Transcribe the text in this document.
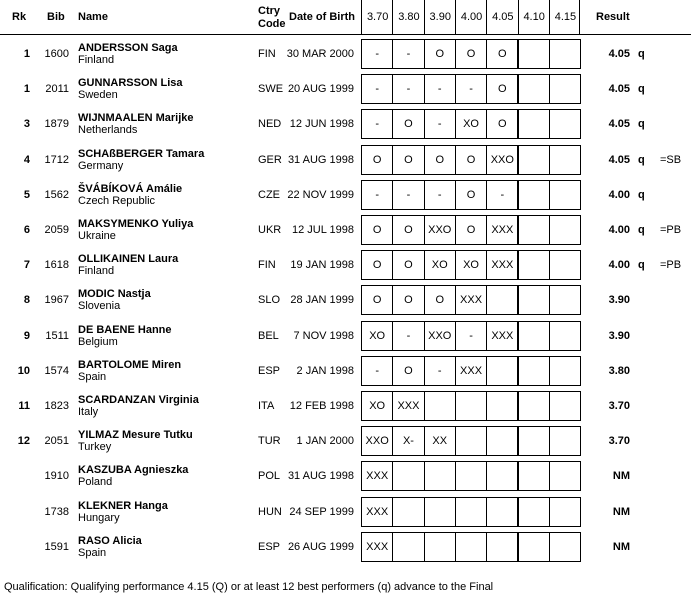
Rk Bib Name	Ctry
Code
Date of Birth	3.70 3.80 3.90 4.00 4.05 4.10 4.15	Result
1	1600 ANDERSSON Saga
Finland	FIN 30 MAR 2000	-	-	O	O	O	4.05 q
1	2011 GUNNARSSON Lisa
Sweden	SWE 20 AUG 1999	-	-	-	-	O	4.05 q
3	1879 WIJNMAALEN Marijke
Netherlands	NED 12 JUN 1998	-	O	-	XO	O	4.05 q
4	1712 SCHAßBERGER Tamara
Germany	GER 31 AUG 1998	O	O	O	O	XXO	4.05 q =SB
5	1562 ŠVÁBÍKOVÁ Amálie
Czech Republic	CZE 22 NOV 1999	-	-	-	O	-	4.00 q
6	2059 MAKSYMENKO Yuliya
Ukraine	UKR 12 JUL 1998	O	O	XXO	O	XXX	4.00 q =PB
7	1618 OLLIKAINEN Laura
Finland	FIN	19 JAN 1998	O	O	XO	XO	XXX	4.00 q =PB
8	1967 MODIC Nastja
Slovenia	SLO 28 JAN 1999	O	O	O	XXX	3.90
9	1511 DE BAENE Hanne
Belgium	BEL	7 NOV 1998	XO	-	XXO	-	XXX	3.90
10	1574 BARTOLOME Miren
Spain	ESP	2 JAN 1998	-	O	-	XXX	3.80
11	1823 SCARDANZAN Virginia
Italy	ITA	12 FEB 1998	XO	XXX	3.70
12	2051 YILMAZ Mesure Tutku
Turkey	TUR	1 JAN 2000	XXO	X-	XX	3.70
1910 KASZUBA Agnieszka
Poland	POL 31 AUG 1998	XXX	NM
1738 KLEKNER Hanga
Hungary	HUN 24 SEP 1999	XXX	NM
1591 RASO Alicia
Spain	ESP 26 AUG 1999	XXX	NM
Qualification: Qualifying performance 4.15 (Q) or at least 12 best performers (q) advance to the Final
